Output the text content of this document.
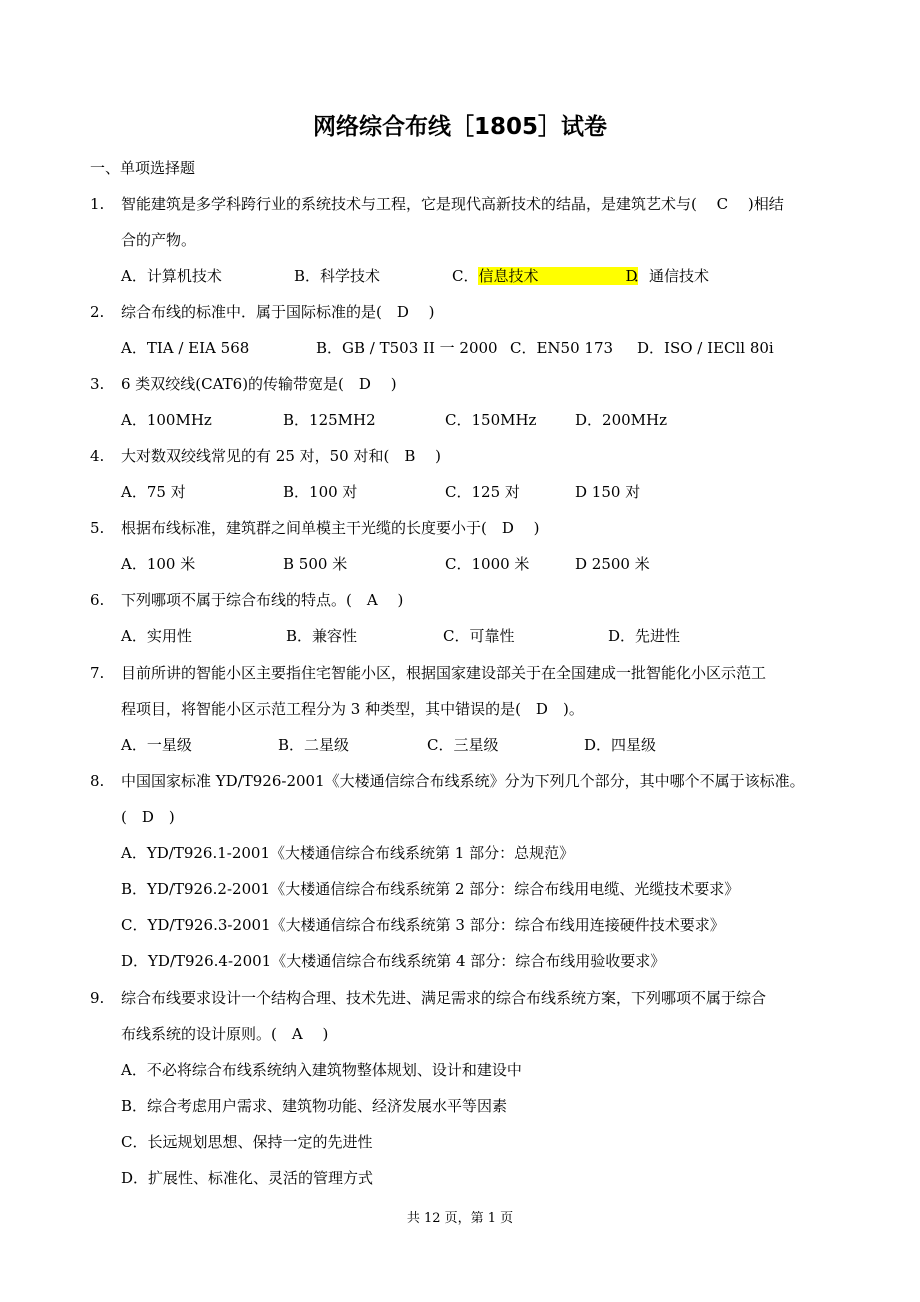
网络综合布线［1805］试卷
一、单项选择题
1. 智能建筑是多学科跨行业的系统技术与工程，它是现代高新技术的结晶，是建筑艺术与(　 C 　)相结
合的产物。
A．计算机技术	B．科学技术	C．信息技术	D
．通信技术
2. 综合布线的标准中．属于国际标准的是(　D　 )
A．TIA / EIA 568	B．GB / T503 II 一 2000 C．EN50 173 D．ISO / IECll 80i
3. 6 类双绞线(CAT6)的传输带宽是(　D　 )
A．100MHz	B．125MH2	C．150MHz	D．200MHz
4. 大对数双绞线常见的有 25 对，50 对和(　B　 )
A．75 对	B．100 对	C．125 对	D 150 对
5. 根据布线标准，建筑群之间单模主干光缆的长度要小于(　D　 )
A．100 米	B 500 米	C．1000 米	D 2500 米
6. 下列哪项不属于综合布线的特点。(　A　 )
A．实用性	B．兼容性	C．可靠性	D．先进性
7. 目前所讲的智能小区主要指住宅智能小区，根据国家建设部关于在全国建成一批智能化小区示范工
程项目，将智能小区示范工程分为 3 种类型，其中错误的是(　D　)。
A．一星级	B．二星级	C．三星级	D．四星级
8. 中国国家标准 YD/T926-2001《大楼通信综合布线系统》分为下列几个部分，其中哪个不属于该标准。
(　D　)
A．YD/T926.1-2001《大楼通信综合布线系统第 1 部分：总规范》
B．YD/T926.2-2001《大楼通信综合布线系统第 2 部分：综合布线用电缆、光缆技术要求》
C．YD/T926.3-2001《大楼通信综合布线系统第 3 部分：综合布线用连接硬件技术要求》
D．YD/T926.4-2001《大楼通信综合布线系统第 4 部分：综合布线用验收要求》
9. 综合布线要求设计一个结构合理、技术先进、满足需求的综合布线系统方案，下列哪项不属于综合
布线系统的设计原则。(　A　 )
A．不必将综合布线系统纳入建筑物整体规划、设计和建设中
B．综合考虑用户需求、建筑物功能、经济发展水平等因素
C．长远规划思想、保持一定的先进性
D．扩展性、标准化、灵活的管理方式
共 12 页，第 1 页
